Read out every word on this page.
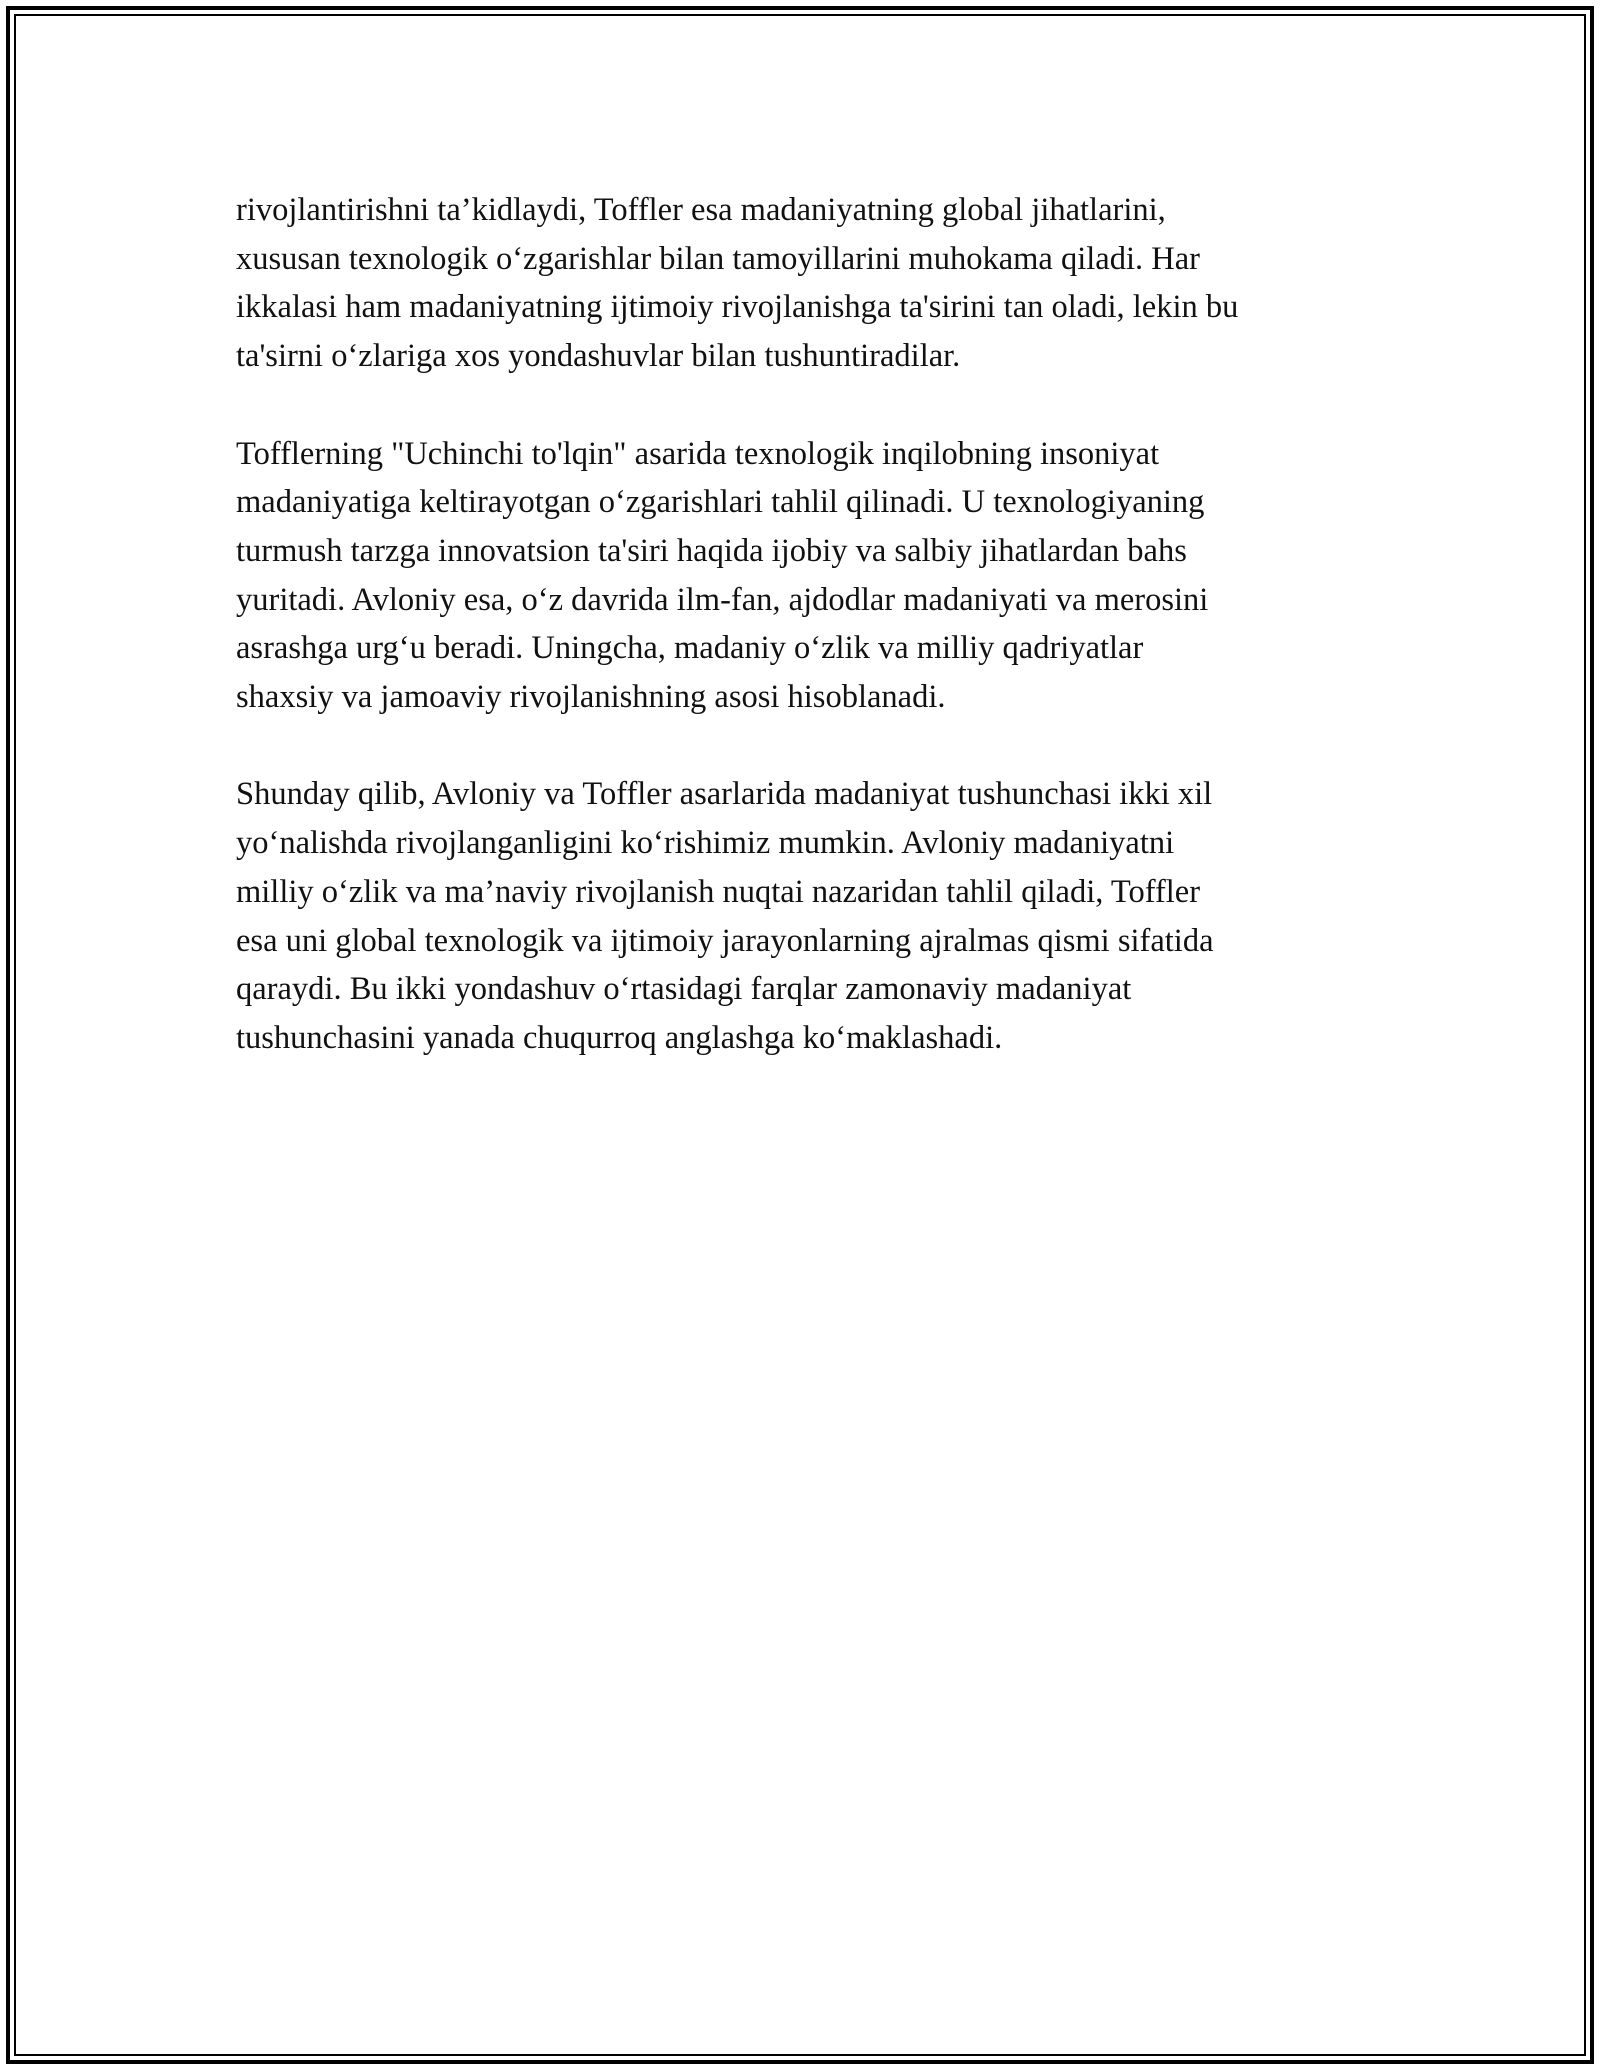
rivojlantirishni ta’kidlaydi, Toffler esa madaniyatning global jihatlarini,
xususan texnologik o‘zgarishlar bilan tamoyillarini muhokama qiladi. Har
ikkalasi ham madaniyatning ijtimoiy rivojlanishga ta'sirini tan oladi, lekin bu
ta'sirni o‘zlariga xos yondashuvlar bilan tushuntiradilar.

Tofflerning "Uchinchi to'lqin" asarida texnologik inqilobning insoniyat
madaniyatiga keltirayotgan o‘zgarishlari tahlil qilinadi. U texnologiyaning
turmush tarzga innovatsion ta'siri haqida ijobiy va salbiy jihatlardan bahs
yuritadi. Avloniy esa, o‘z davrida ilm-fan, ajdodlar madaniyati va merosini
asrashga urg‘u beradi. Uningcha, madaniy o‘zlik va milliy qadriyatlar
shaxsiy va jamoaviy rivojlanishning asosi hisoblanadi.

Shunday qilib, Avloniy va Toffler asarlarida madaniyat tushunchasi ikki xil
yo‘nalishda rivojlanganligini ko‘rishimiz mumkin. Avloniy madaniyatni
milliy o‘zlik va ma’naviy rivojlanish nuqtai nazaridan tahlil qiladi, Toffler
esa uni global texnologik va ijtimoiy jarayonlarning ajralmas qismi sifatida
qaraydi. Bu ikki yondashuv o‘rtasidagi farqlar zamonaviy madaniyat
tushunchasini yanada chuqurroq anglashga ko‘maklashadi.
